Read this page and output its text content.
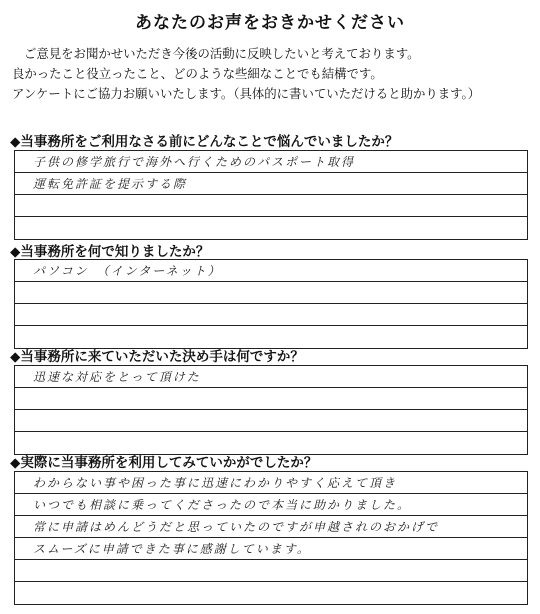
あなたのお声をおきかせください
ご意見をお聞かせいただき今後の活動に反映したいと考えております。
良かったこと役立ったこと、どのような些細なことでも結構です。
アンケートにご協力お願いいたします。（具体的に書いていただけると助かります。）
◆当事務所をご利用なさる前にどんなことで悩んでいましたか？
子供の修学旅行で海外へ行くためのパスポート取得
運転免許証を提示する際
◆当事務所を何で知りましたか？
パソコン　（インターネット）
◆当事務所に来ていただいた決め手は何ですか？
迅速な対応をとって頂けた
◆実際に当事務所を利用してみていかがでしたか？
わからない事や困った事に迅速にわかりやすく応えて頂き
いつでも相談に乗ってくださったので本当に助かりました。
常に申請はめんどうだと思っていたのですが申越されのおかげで
スムーズに申請できた事に感謝しています。
